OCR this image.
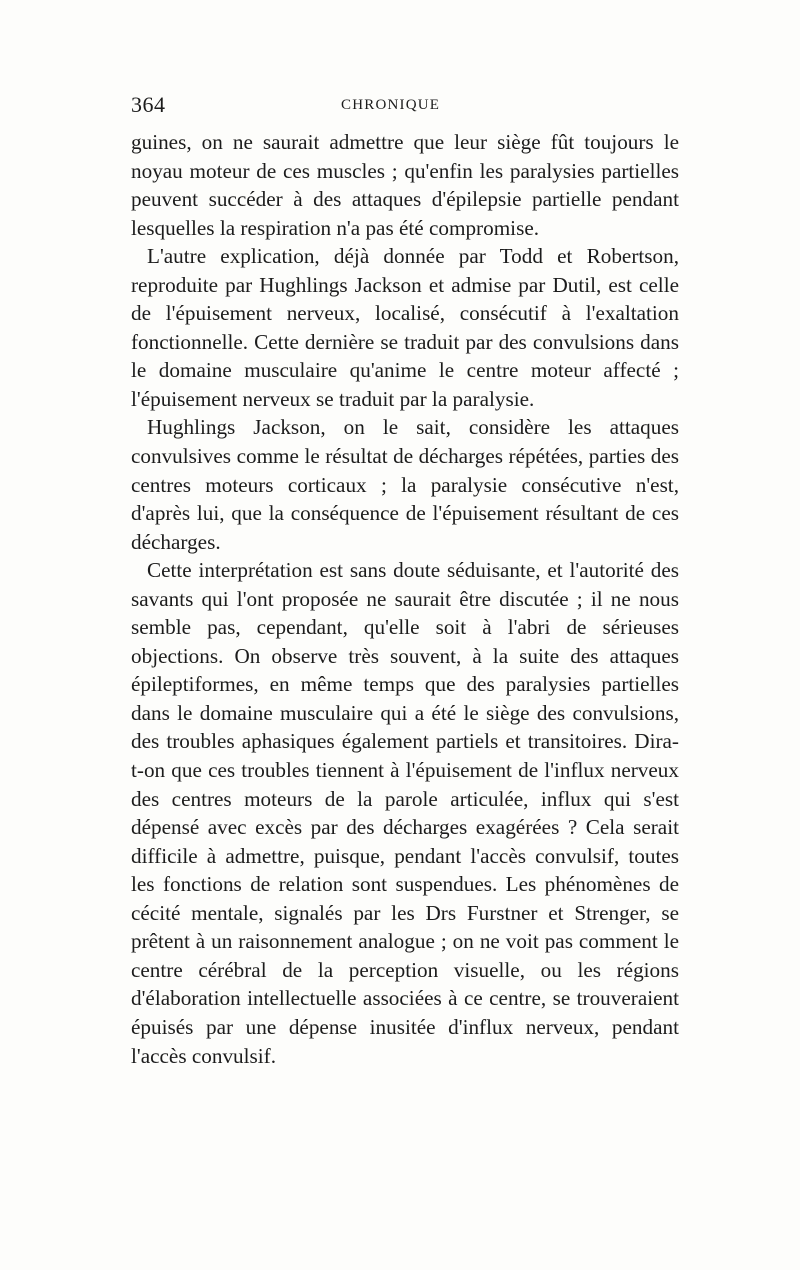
364	CHRONIQUE

guines, on ne saurait admettre que leur siège fût toujours le noyau moteur de ces muscles ; qu'enfin les paralysies partielles peuvent succéder à des attaques d'épilepsie partielle pendant lesquelles la respiration n'a pas été compromise.

L'autre explication, déjà donnée par Todd et Robertson, reproduite par Hughlings Jackson et admise par Dutil, est celle de l'épuisement nerveux, localisé, consécutif à l'exaltation fonctionnelle. Cette dernière se traduit par des convulsions dans le domaine musculaire qu'anime le centre moteur affecté ; l'épuisement nerveux se traduit par la paralysie.

Hughlings Jackson, on le sait, considère les attaques convulsives comme le résultat de décharges répétées, parties des centres moteurs corticaux ; la paralysie consécutive n'est, d'après lui, que la conséquence de l'épuisement résultant de ces décharges.

Cette interprétation est sans doute séduisante, et l'autorité des savants qui l'ont proposée ne saurait être discutée ; il ne nous semble pas, cependant, qu'elle soit à l'abri de sérieuses objections. On observe très souvent, à la suite des attaques épileptiformes, en même temps que des paralysies partielles dans le domaine musculaire qui a été le siège des convulsions, des troubles aphasiques également partiels et transitoires. Dira-t-on que ces troubles tiennent à l'épuisement de l'influx nerveux des centres moteurs de la parole articulée, influx qui s'est dépensé avec excès par des décharges exagérées ? Cela serait difficile à admettre, puisque, pendant l'accès convulsif, toutes les fonctions de relation sont suspendues. Les phénomènes de cécité mentale, signalés par les Drs Furstner et Strenger, se prêtent à un raisonnement analogue ; on ne voit pas comment le centre cérébral de la perception visuelle, ou les régions d'élaboration intellectuelle associées à ce centre, se trouveraient épuisés par une dépense inusitée d'influx nerveux, pendant l'accès convulsif.
